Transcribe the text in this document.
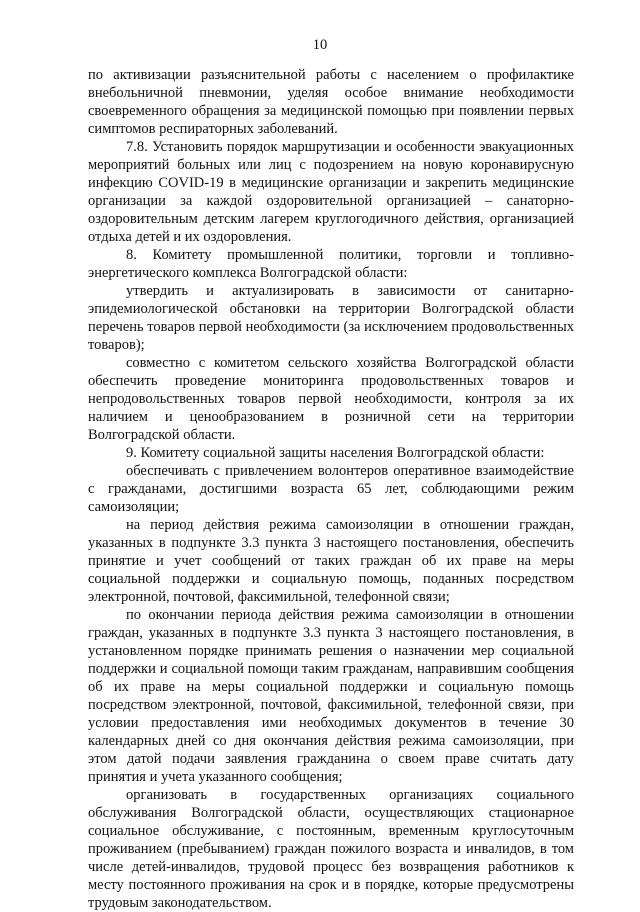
10

по активизации разъяснительной работы с населением о профилактике внебольничной пневмонии, уделяя особое внимание необходимости своевременного обращения за медицинской помощью при появлении первых симптомов респираторных заболеваний.

7.8. Установить порядок маршрутизации и особенности эвакуационных мероприятий больных или лиц с подозрением на новую коронавирусную инфекцию COVID-19 в медицинские организации и закрепить медицинские организации за каждой оздоровительной организацией – санаторно-оздоровительным детским лагерем круглогодичного действия, организацией отдыха детей и их оздоровления.

8. Комитету промышленной политики, торговли и топливно-энергетического комплекса Волгоградской области:

утвердить и актуализировать в зависимости от санитарно-эпидемиологической обстановки на территории Волгоградской области перечень товаров первой необходимости (за исключением продовольственных товаров);

совместно с комитетом сельского хозяйства Волгоградской области обеспечить проведение мониторинга продовольственных товаров и непродовольственных товаров первой необходимости, контроля за их наличием и ценообразованием в розничной сети на территории Волгоградской области.

9. Комитету социальной защиты населения Волгоградской области:

обеспечивать с привлечением волонтеров оперативное взаимодействие с гражданами, достигшими возраста 65 лет, соблюдающими режим самоизоляции;

на период действия режима самоизоляции в отношении граждан, указанных в подпункте 3.3 пункта 3 настоящего постановления, обеспечить принятие и учет сообщений от таких граждан об их праве на меры социальной поддержки и социальную помощь, поданных посредством электронной, почтовой, факсимильной, телефонной связи;

по окончании периода действия режима самоизоляции в отношении граждан, указанных в подпункте 3.3 пункта 3 настоящего постановления, в установленном порядке принимать решения о назначении мер социальной поддержки и социальной помощи таким гражданам, направившим сообщения об их праве на меры социальной поддержки и социальную помощь посредством электронной, почтовой, факсимильной, телефонной связи, при условии предоставления ими необходимых документов в течение 30 календарных дней со дня окончания действия режима самоизоляции, при этом датой подачи заявления гражданина о своем праве считать дату принятия и учета указанного сообщения;

организовать в государственных организациях социального обслуживания Волгоградской области, осуществляющих стационарное социальное обслуживание, с постоянным, временным круглосуточным проживанием (пребыванием) граждан пожилого возраста и инвалидов, в том числе детей-инвалидов, трудовой процесс без возвращения работников к месту постоянного проживания на срок и в порядке, которые предусмотрены трудовым законодательством.
